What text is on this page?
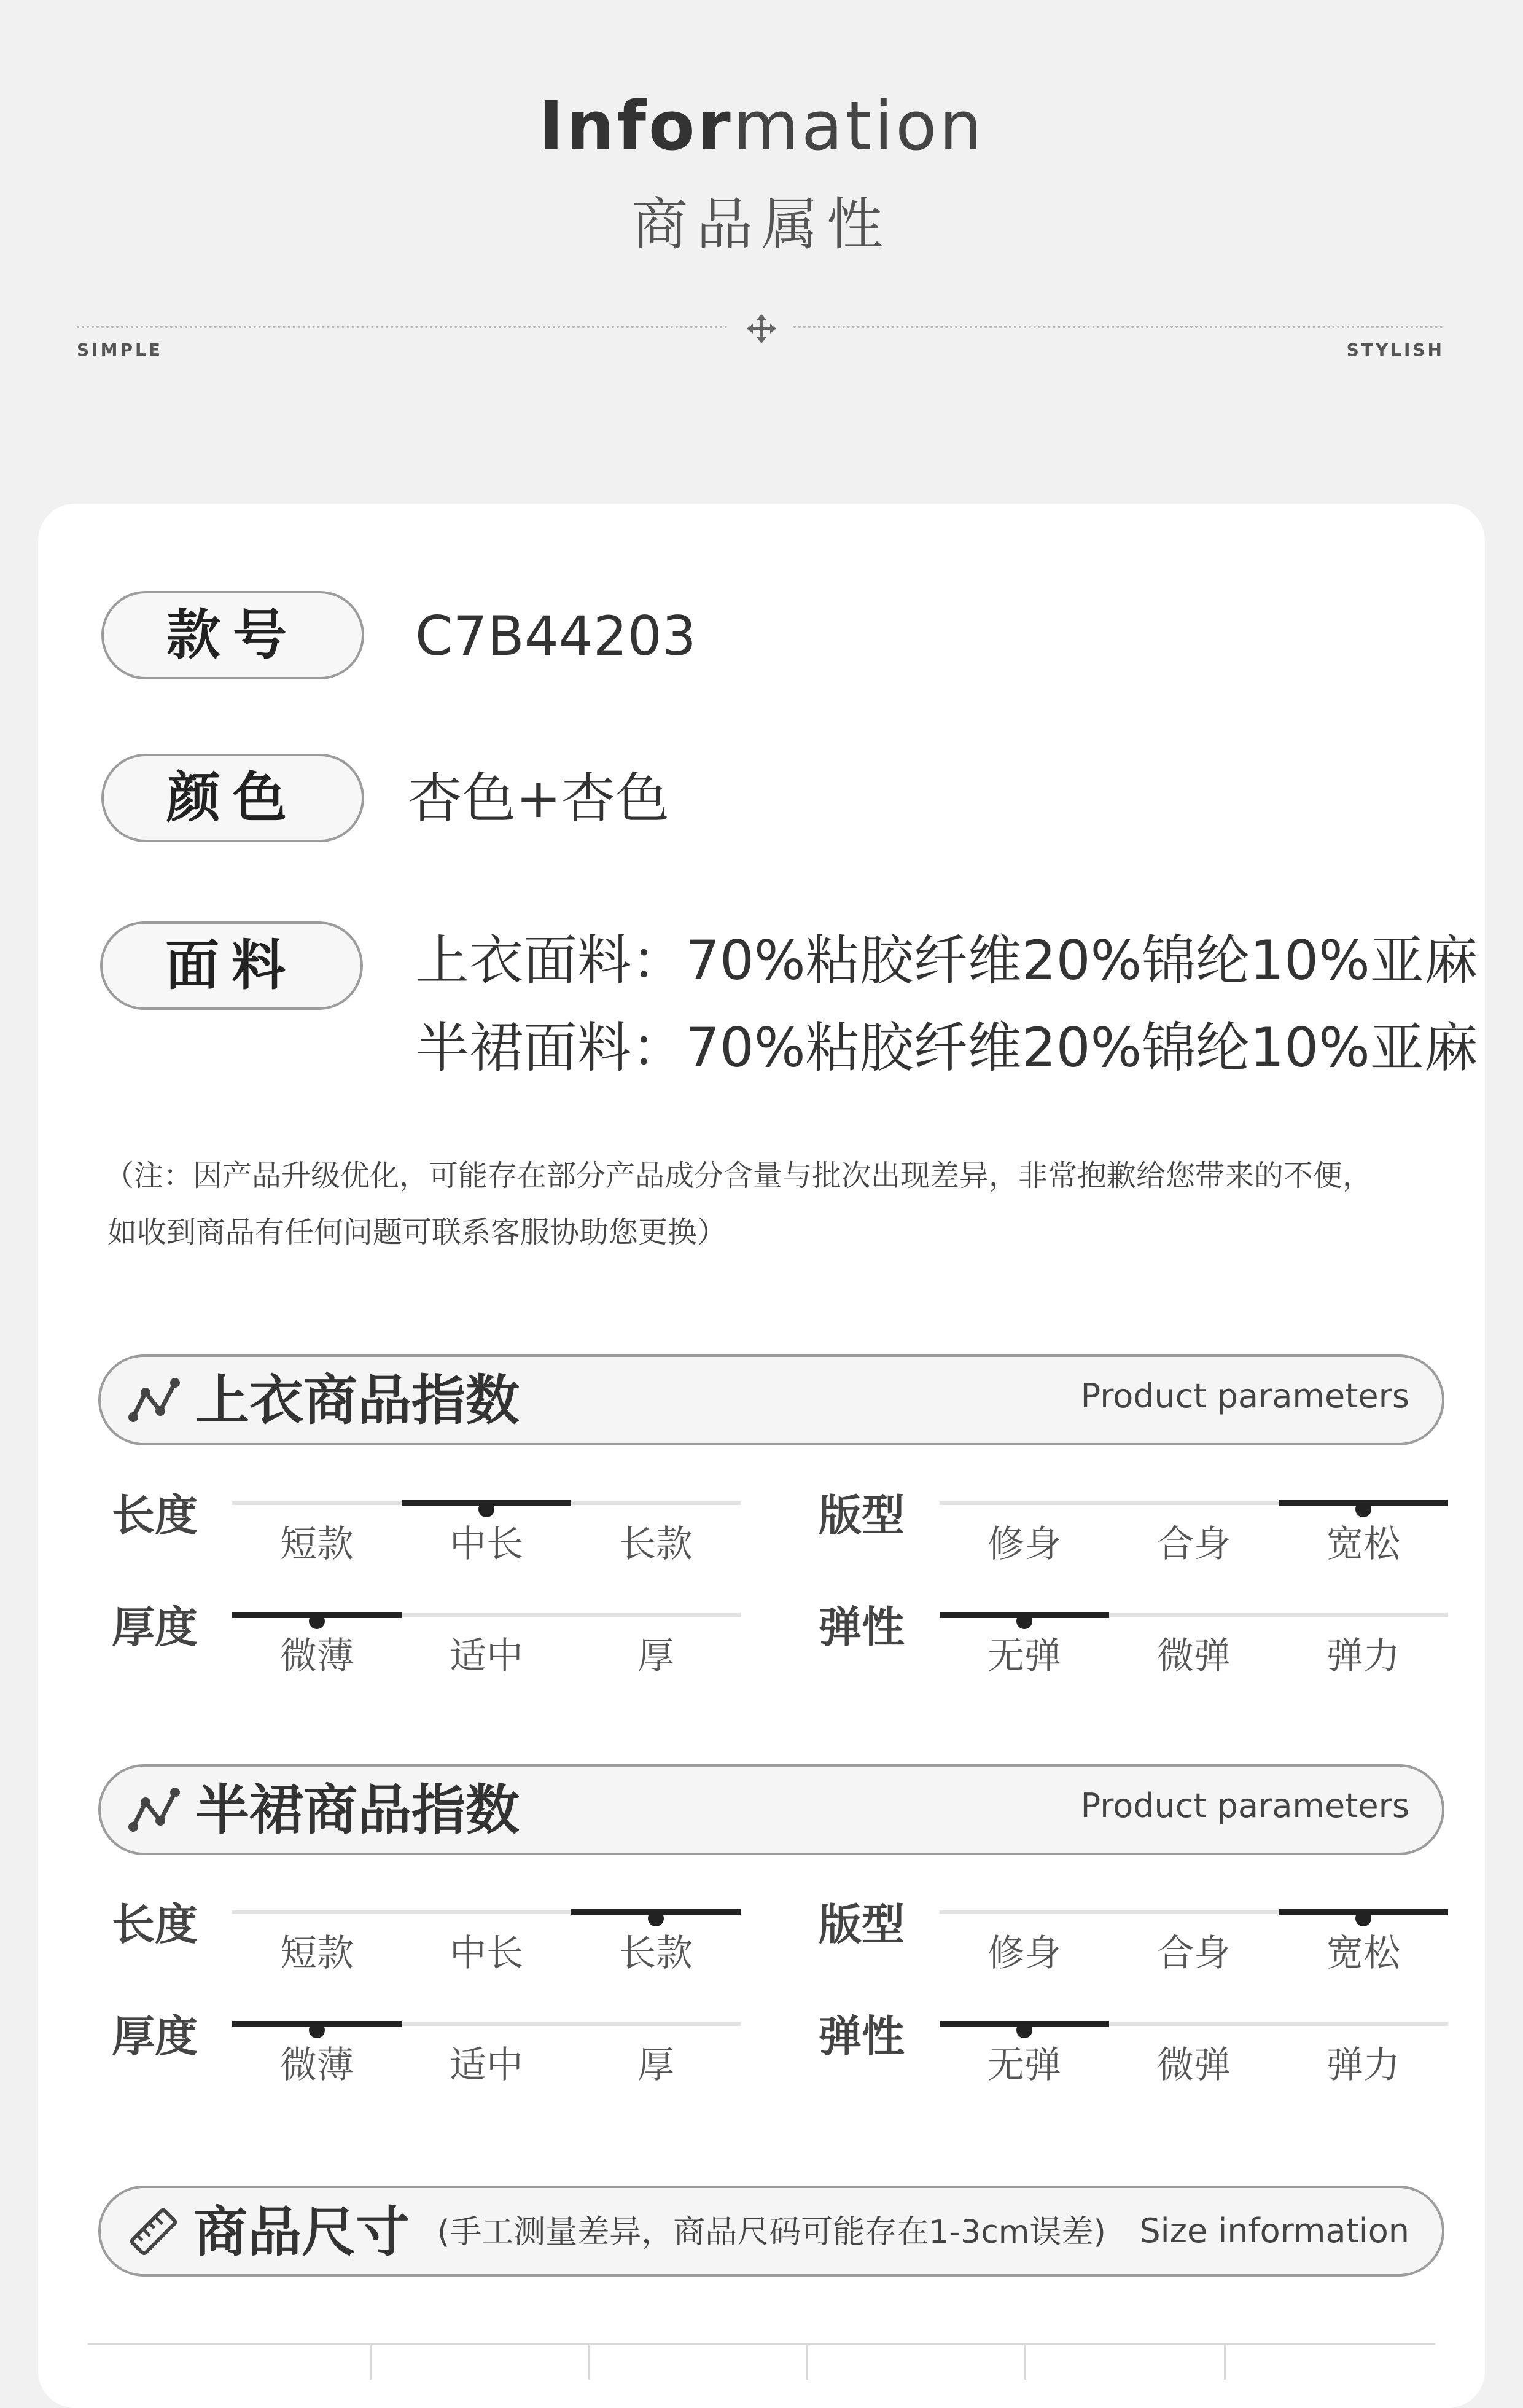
Information
商品属性
SIMPLE	STYLISH
款号	C7B44203
颜色	杏色+杏色
面料	上衣面料：70%粘胶纤维20%锦纶10%亚麻
半裙面料：70%粘胶纤维20%锦纶10%亚麻
（注：因产品升级优化，可能存在部分产品成分含量与批次出现差异，非常抱歉给您带来的不便，
如收到商品有任何问题可联系客服协助您更换）
上衣商品指数	Product parameters
长度
短款	中长	长款
版型
修身	合身	宽松
厚度
微薄	适中	厚
弹性
无弹	微弹	弹力
半裙商品指数	Product parameters
长度
短款	中长	长款
版型
修身	合身	宽松
厚度
微薄	适中	厚
弹性
无弹	微弹	弹力
商品尺寸 (手工测量差异，商品尺码可能存在1-3cm误差) Size information
